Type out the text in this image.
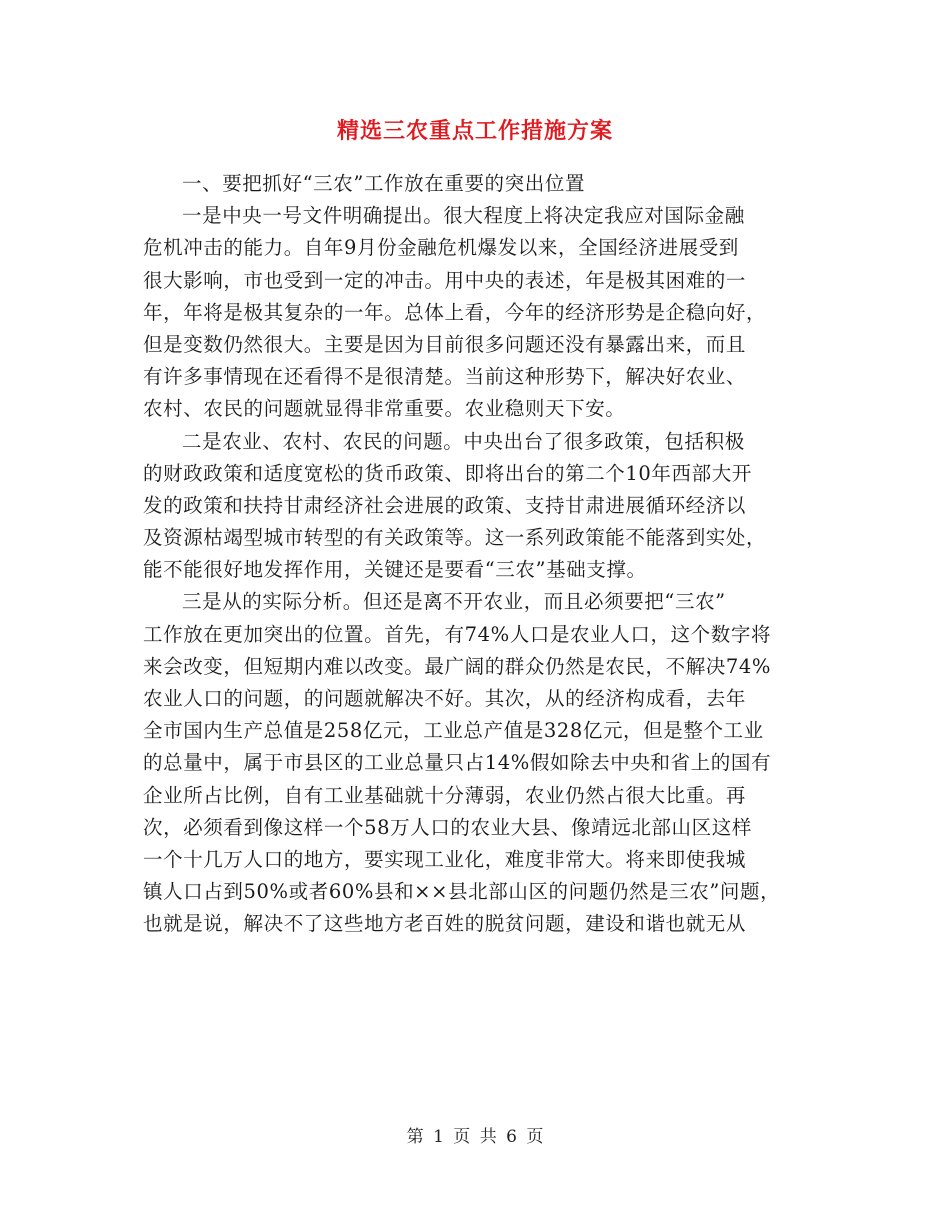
精选三农重点工作措施方案
一、要把抓好“三农”工作放在重要的突出位置
一是中央一号文件明确提出。很大程度上将决定我应对国际金融
危机冲击的能力。自年9月份金融危机爆发以来，全国经济进展受到
很大影响，市也受到一定的冲击。用中央的表述，年是极其困难的一
年，年将是极其复杂的一年。总体上看，今年的经济形势是企稳向好，
但是变数仍然很大。主要是因为目前很多问题还没有暴露出来，而且
有许多事情现在还看得不是很清楚。当前这种形势下，解决好农业、
农村、农民的问题就显得非常重要。农业稳则天下安。
二是农业、农村、农民的问题。中央出台了很多政策，包括积极
的财政政策和适度宽松的货币政策、即将出台的第二个10年西部大开
发的政策和扶持甘肃经济社会进展的政策、支持甘肃进展循环经济以
及资源枯竭型城市转型的有关政策等。这一系列政策能不能落到实处，
能不能很好地发挥作用，关键还是要看“三农”基础支撑。
三是从的实际分析。但还是离不开农业，而且必须要把“三农”
工作放在更加突出的位置。首先，有74%人口是农业人口，这个数字将
来会改变，但短期内难以改变。最广阔的群众仍然是农民，不解决74%
农业人口的问题，的问题就解决不好。其次，从的经济构成看，去年
全市国内生产总值是258亿元，工业总产值是328亿元，但是整个工业
的总量中，属于市县区的工业总量只占14%假如除去中央和省上的国有
企业所占比例，自有工业基础就十分薄弱，农业仍然占很大比重。再
次，必须看到像这样一个58万人口的农业大县、像靖远北部山区这样
一个十几万人口的地方，要实现工业化，难度非常大。将来即使我城
镇人口占到50%或者60%县和××县北部山区的问题仍然是三农”问题，
也就是说，解决不了这些地方老百姓的脱贫问题，建设和谐也就无从
第 1 页 共 6 页
